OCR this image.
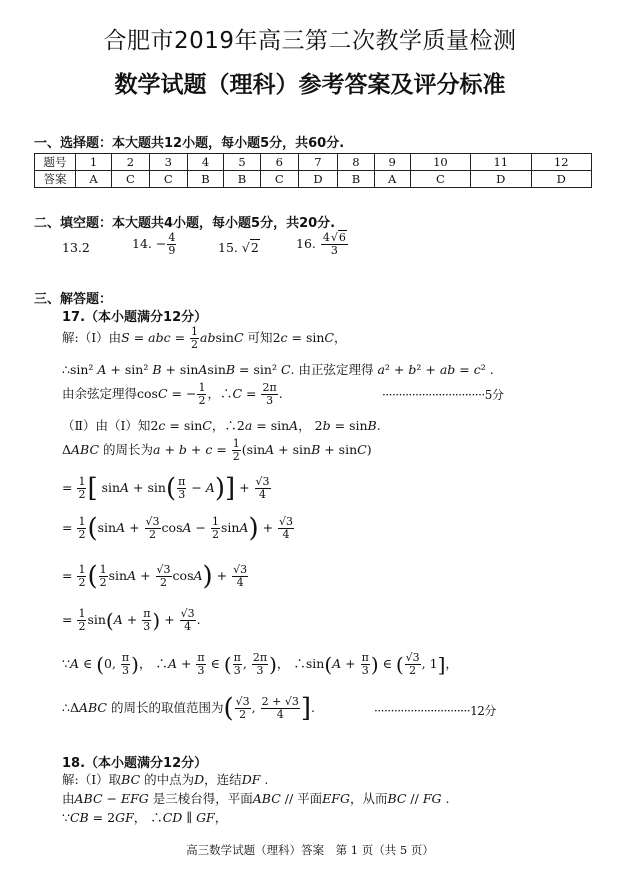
合肥市2019年高三第二次教学质量检测
数学试题（理科）参考答案及评分标准
一、选择题：本大题共12小题，每小题5分，共60分.
题号	1	2	3	4	5	6	7	8	9	10	11	12
答案	A	C	C	B	B	C	D	B	A	C	D	D
二、填空题：本大题共4小题，每小题5分，共20分.
13.2	14. − $\frac{4}{9}$	15. √2	16. $\frac{4√6}{3}$
三、解答题：
17.（本小题满分12分）
解:（Ⅰ）由S = abc = $\frac{1}{2}$ absinC 可知2c = sinC，
∴sin² A + sin² B + sinAsinB = sin² C. 由正弦定理得 a² + b² + ab = c² .
由余弦定理得cosC = − $\frac{1}{2}$ ，∴C = $\frac{2\pi}{3}$ .	·······························5分
（Ⅱ）由（Ⅰ）知2c = sinC，∴2a = sinA， 2b = sinB.
ΔABC 的周长为$a + b + c = \frac{1}{2} (\sin A + \sin B + \sin C)$
= $\frac{1}{2}$ [ $\sin A + \sin( \frac{\pi}{3} - A)] + \frac{√3}{4}$
= $\frac{1}{2} (\sin A + \frac{√3}{2}$ $\cos A - \frac{1}{2} \sin A) + \frac{√3}{4}$
= $\frac{1}{2}$ ( $\frac{1}{2}$ $\sin A + \frac{√3}{2} \cos A) + \frac{√3}{4}$
= $\frac{1}{2} \sin(A + \frac{\pi}{3}$ ) + $\frac{√3}{4}$ .
∵A ∈ (0, $\frac{\pi}{3}$ )， ∴A + $\frac{\pi}{3}$ ∈ ( $\frac{\pi}{3}$ , $\frac{2\pi}{3}$ )， ∴sin(A + $\frac{\pi}{3}$ ) ∈ ( $\frac{√3}{2}$ , 1]，
∴ΔABC 的周长的取值范围为( $\frac{√3}{2}$ , $\frac{2 + √3}{4}$ ].	·····························12分
18.（本小题满分12分）
解:（Ⅰ）取BC 的中点为D，连结DF .
由ABC − EFG 是三棱台得，平面ABC // 平面EFG，从而BC // FG .
∵CB = 2GF， ∴CD ∥ GF，
高三数学试题（理科）答案　第 1 页（共 5 页）
